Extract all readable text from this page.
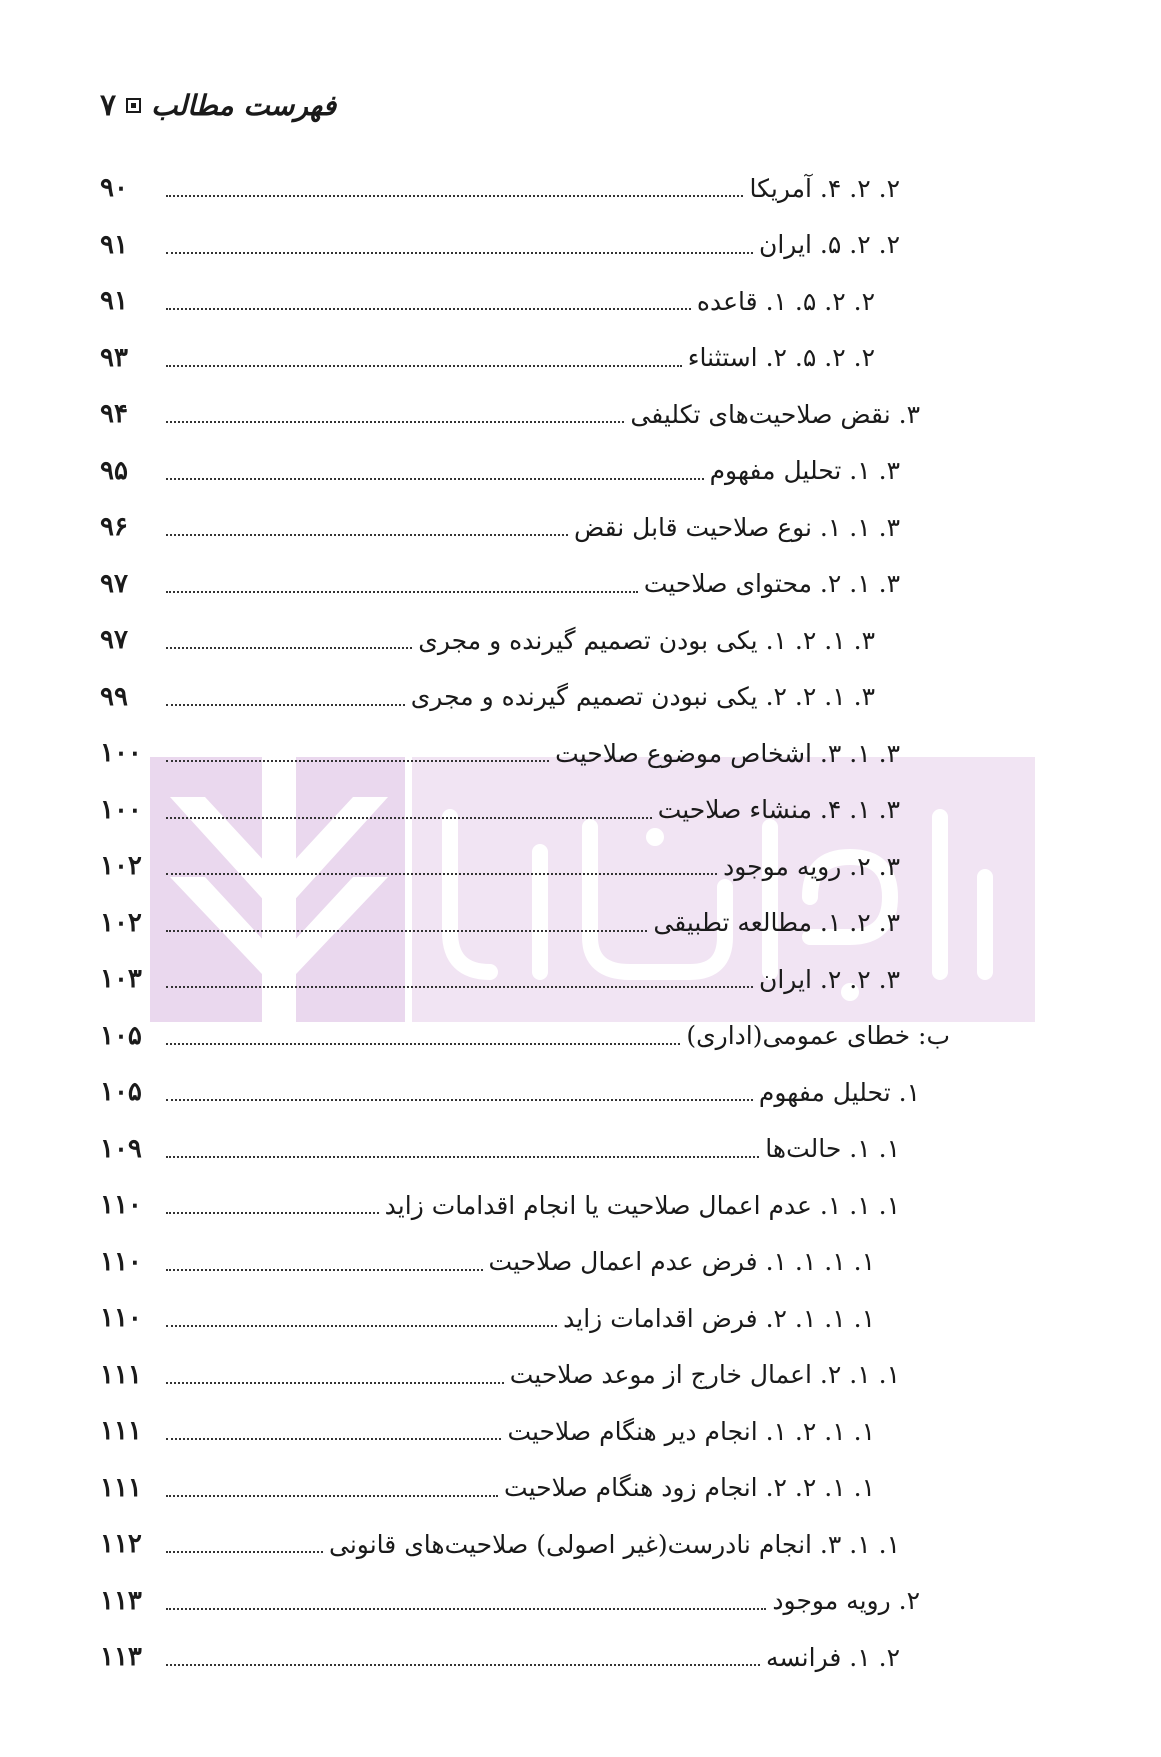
۷ فهرست مطالب
۹۰	۲. ۲. ۴. آمریکا
۹۱	۲. ۲. ۵. ایران
۹۱	۲. ۲. ۵. ۱. قاعده
۹۳	۲. ۲. ۵. ۲. استثناء
۹۴	۳. نقض صلاحیت‌های تکلیفی
۹۵	۳. ۱. تحلیل مفهوم
۹۶	۳. ۱. ۱. نوع صلاحیت قابل نقض
۹۷	۳. ۱. ۲. محتوای صلاحیت
۹۷	۳. ۱. ۲. ۱. یکی بودن تصمیم گیرنده و مجری
۹۹	۳. ۱. ۲. ۲. یکی نبودن تصمیم گیرنده و مجری
۱۰۰	۳. ۱. ۳. اشخاص موضوع صلاحیت
۱۰۰	۳. ۱. ۴. منشاء صلاحیت
۱۰۲	۳. ۲. رویه موجود
۱۰۲	۳. ۲. ۱. مطالعه تطبیقی
۱۰۳	۳. ۲. ۲. ایران
۱۰۵	ب: خطای عمومی(اداری)
۱۰۵	۱. تحلیل مفهوم
۱۰۹	۱. ۱. حالت‌ها
۱۱۰	۱. ۱. ۱. عدم اعمال صلاحیت یا انجام اقدامات زاید
۱۱۰	۱. ۱. ۱. ۱. فرض عدم اعمال صلاحیت
۱۱۰	۱. ۱. ۱. ۲. فرض اقدامات زاید
۱۱۱	۱. ۱. ۲. اعمال خارج از موعد صلاحیت
۱۱۱	۱. ۱. ۲. ۱. انجام دیر هنگام صلاحیت
۱۱۱	۱. ۱. ۲. ۲. انجام زود هنگام صلاحیت
۱۱۲	۱. ۱. ۳. انجام نادرست(غیر اصولی) صلاحیت‌های قانونی
۱۱۳	۲. رویه موجود
۱۱۳	۲. ۱. فرانسه
